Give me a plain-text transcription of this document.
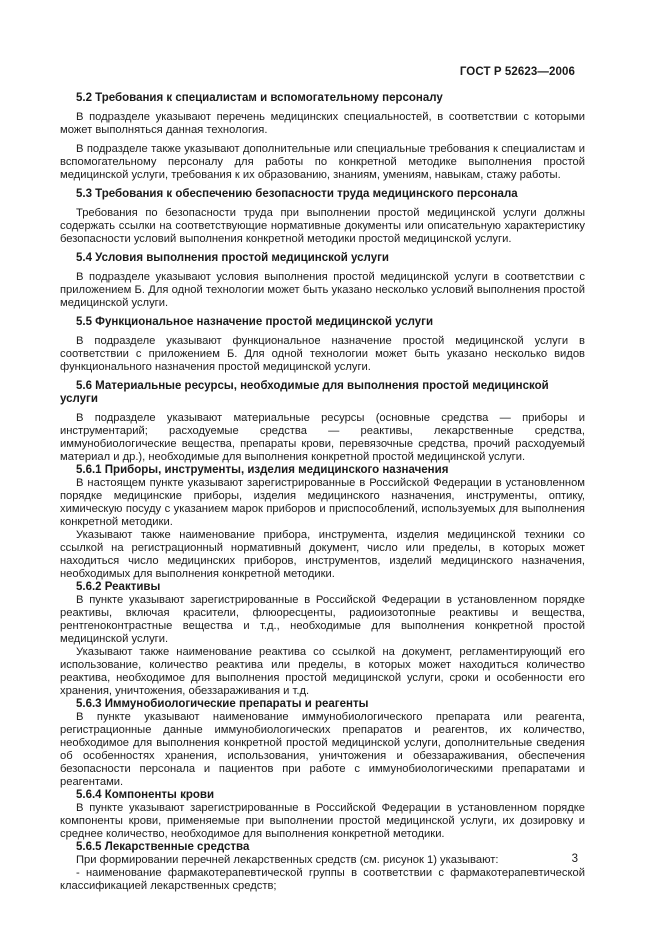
ГОСТ Р 52623—2006
5.2 Требования к специалистам и вспомогательному персоналу
В подразделе указывают перечень медицинских специальностей, в соответствии с которыми может выполняться данная технология.
В подразделе также указывают дополнительные или специальные требования к специалистам и вспомогательному персоналу для работы по конкретной методике выполнения простой медицинской услуги, требования к их образованию, знаниям, умениям, навыкам, стажу работы.
5.3 Требования к обеспечению безопасности труда медицинского персонала
Требования по безопасности труда при выполнении простой медицинской услуги должны содержать ссылки на соответствующие нормативные документы или описательную характеристику безопасности условий выполнения конкретной методики простой медицинской услуги.
5.4 Условия выполнения простой медицинской услуги
В подразделе указывают условия выполнения простой медицинской услуги в соответствии с приложением Б. Для одной технологии может быть указано несколько условий выполнения простой медицинской услуги.
5.5 Функциональное назначение простой медицинской услуги
В подразделе указывают функциональное назначение простой медицинской услуги в соответствии с приложением Б. Для одной технологии может быть указано несколько видов функционального назначения простой медицинской услуги.
5.6 Материальные ресурсы, необходимые для выполнения простой медицинской услуги
В подразделе указывают материальные ресурсы (основные средства — приборы и инструментарий; расходуемые средства — реактивы, лекарственные средства, иммунобиологические вещества, препараты крови, перевязочные средства, прочий расходуемый материал и др.), необходимые для выполнения конкретной простой медицинской услуги.
5.6.1 Приборы, инструменты, изделия медицинского назначения
В настоящем пункте указывают зарегистрированные в Российской Федерации в установленном порядке медицинские приборы, изделия медицинского назначения, инструменты, оптику, химическую посуду с указанием марок приборов и приспособлений, используемых для выполнения конкретной методики.
Указывают также наименование прибора, инструмента, изделия медицинской техники со ссылкой на регистрационный нормативный документ, число или пределы, в которых может находиться число медицинских приборов, инструментов, изделий медицинского назначения, необходимых для выполнения конкретной методики.
5.6.2 Реактивы
В пункте указывают зарегистрированные в Российской Федерации в установленном порядке реактивы, включая красители, флюоресценты, радиоизотопные реактивы и вещества, рентгеноконтрастные вещества и т.д., необходимые для выполнения конкретной простой медицинской услуги.
Указывают также наименование реактива со ссылкой на документ, регламентирующий его использование, количество реактива или пределы, в которых может находиться количество реактива, необходимое для выполнения простой медицинской услуги, сроки и особенности его хранения, уничтожения, обеззараживания и т.д.
5.6.3 Иммунобиологические препараты и реагенты
В пункте указывают наименование иммунобиологического препарата или реагента, регистрационные данные иммунобиологических препаратов и реагентов, их количество, необходимое для выполнения конкретной простой медицинской услуги, дополнительные сведения об особенностях хранения, использования, уничтожения и обеззараживания, обеспечения безопасности персонала и пациентов при работе с иммунобиологическими препаратами и реагентами.
5.6.4 Компоненты крови
В пункте указывают зарегистрированные в Российской Федерации в установленном порядке компоненты крови, применяемые при выполнении простой медицинской услуги, их дозировку и среднее количество, необходимое для выполнения конкретной методики.
5.6.5 Лекарственные средства
При формировании перечней лекарственных средств (см. рисунок 1) указывают:
- наименование фармакотерапевтической группы в соответствии с фармакотерапевтической классификацией лекарственных средств;
3
